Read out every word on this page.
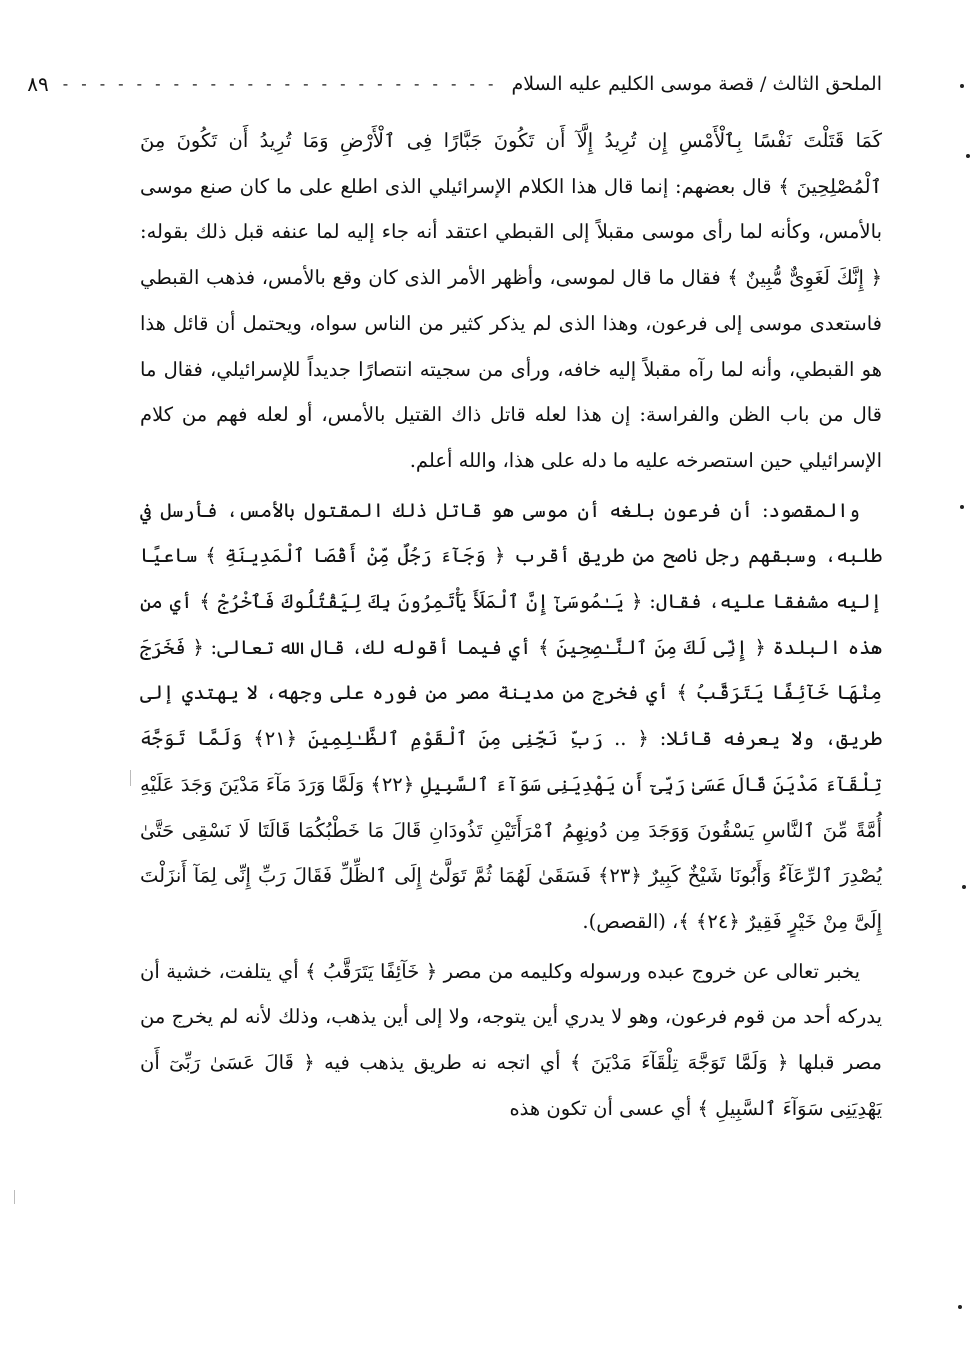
الملحق الثالث / قصة موسى الكليم عليه السلام
- - - - - - - - - - - - - - - - - - - - - - - -
٨٩

كَمَا قَتَلْتَ نَفْسًا بِٱلْأَمْسِ إِن تُرِيدُ إِلَّآ أَن تَكُونَ جَبَّارًا فِى ٱلْأَرْضِ وَمَا تُرِيدُ أَن تَكُونَ مِنَ ٱلْمُصْلِحِينَ ﴾ قال بعضهم: إنما قال هذا الكلام الإسرائيلي الذى اطلع على ما كان صنع موسى بالأمس، وكأنه لما رأى موسى مقبلاً إلى القبطي اعتقد أنه جاء إليه لما عنفه قبل ذلك بقوله: ﴿ إِنَّكَ لَغَوِىٌّ مُّبِينٌ ﴾ فقال ما قال لموسى، وأظهر الأمر الذى كان وقع بالأمس، فذهب القبطي فاستعدى موسى إلى فرعون، وهذا الذى لم يذكر كثير من الناس سواه، ويحتمل أن قائل هذا هو القبطي، وأنه لما رآه مقبلاً إليه خافه، ورأى من سجيته انتصارًا جديداً للإسرائيلي، فقال ما قال من باب الظن والفراسة: إن هذا لعله قاتل ذاك القتيل بالأمس، أو لعله فهم من كلام الإسرائيلي حين استصرخه عليه ما دله على هذا، والله أعلم.

والمقصود: أن فرعون بلغه أن موسى هو قاتل ذلك المقتول بالأمس، فأرسل في طلبه، وسبقهم رجل ناصح من طريق أقرب ﴿ وَجَآءَ رَجُلٌ مِّنْ أَقْصَا ٱلْمَدِينَةِ ﴾ ساعيًا إليه مشفقا عليه، فقال: ﴿ يَـٰمُوسَىٰٓ إِنَّ ٱلْمَلَأَ يَأْتَمِرُونَ بِكَ لِيَقْتُلُوكَ فَٱخْرُجْ ﴾ أي من هذه البلدة ﴿ إِنِّى لَكَ مِنَ ٱلنَّـٰصِحِينَ ﴾ أي فيما أقوله لك، قال الله تعالى: ﴿ فَخَرَجَ مِنْهَا خَآئِفًا يَتَرَقَّبُ ﴾ أي فخرج من مدينة مصر من فوره على وجهه، لا يهتدي إلى طريق، ولا يعرفه قائلا: ﴿ .. رَبِّ نَجِّنِى مِنَ ٱلْقَوْمِ ٱلظَّـٰلِمِينَ ﴿٢١﴾ وَلَمَّا تَوَجَّهَ تِلْقَآءَ مَدْيَنَ قَالَ عَسَىٰ رَبِّىٓ أَن يَهْدِيَنِى سَوَآءَ ٱلسَّبِيلِ ﴿٢٢﴾ وَلَمَّا وَرَدَ مَآءَ مَدْيَنَ وَجَدَ عَلَيْهِ أُمَّةً مِّنَ ٱلنَّاسِ يَسْقُونَ وَوَجَدَ مِن دُونِهِمُ ٱمْرَأَتَيْنِ تَذُودَانِ قَالَ مَا خَطْبُكُمَا قَالَتَا لَا نَسْقِى حَتَّىٰ يُصْدِرَ ٱلرِّعَآءُ وَأَبُونَا شَيْخٌ كَبِيرٌ ﴿٢٣﴾ فَسَقَىٰ لَهُمَا ثُمَّ تَوَلَّىٰٓ إِلَى ٱلظِّلِّ فَقَالَ رَبِّ إِنِّى لِمَآ أَنزَلْتَ إِلَىَّ مِنْ خَيْرٍ فَقِيرٌ ﴿٢٤﴾ ﴾، (القصص).

يخبر تعالى عن خروج عبده ورسوله وكليمه من مصر ﴿ خَآئِفًا يَتَرَقَّبُ ﴾ أي يتلفت، خشية أن يدركه أحد من قوم فرعون، وهو لا يدري أين يتوجه، ولا إلى أين يذهب، وذلك لأنه لم يخرج من مصر قبلها ﴿ وَلَمَّا تَوَجَّهَ تِلْقَآءَ مَدْيَنَ ﴾ أي اتجه نه طريق يذهب فيه ﴿ قَالَ عَسَىٰ رَبِّىٓ أَن يَهْدِيَنِى سَوَآءَ ٱلسَّبِيلِ ﴾ أي عسى أن تكون هذه
